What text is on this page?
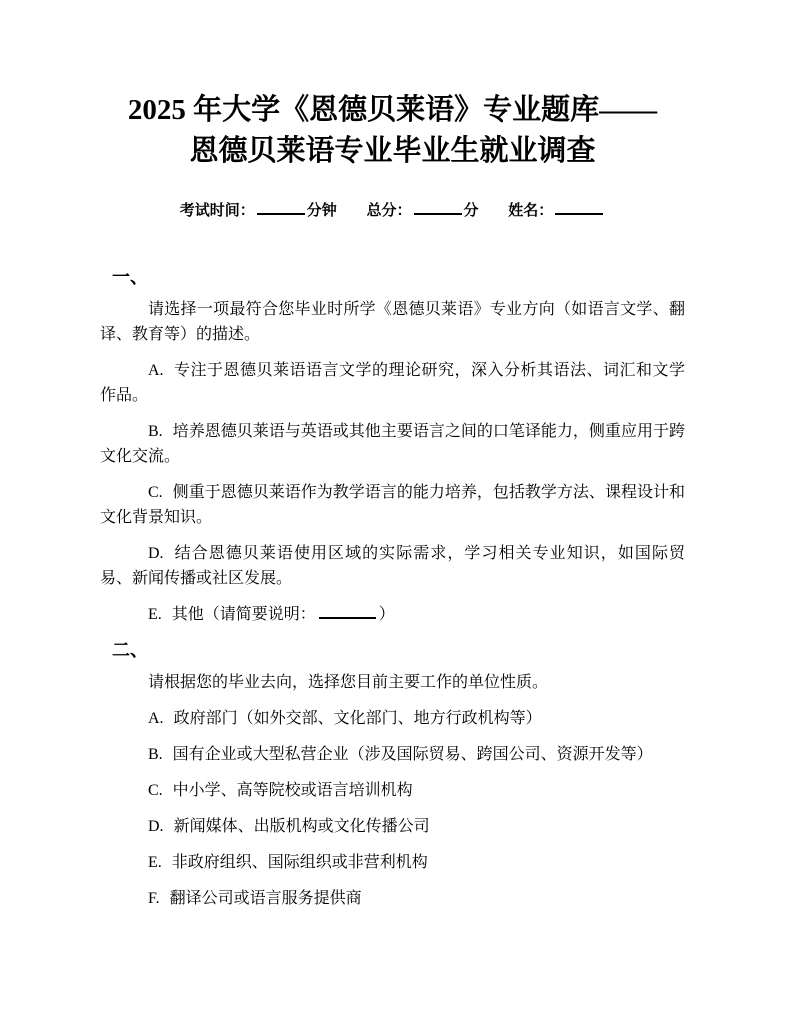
2025 年大学《恩德贝莱语》专业题库——
恩德贝莱语专业毕业生就业调查
考试时间：	分钟 总分：	分 姓名：
一、

请选择一项最符合您毕业时所学《恩德贝莱语》专业方向（如语言文学、翻译、教育等）的描述。

A. 专注于恩德贝莱语语言文学的理论研究，深入分析其语法、词汇和文学作品。

B. 培养恩德贝莱语与英语或其他主要语言之间的口笔译能力，侧重应用于跨文化交流。

C. 侧重于恩德贝莱语作为教学语言的能力培养，包括教学方法、课程设计和文化背景知识。

D. 结合恩德贝莱语使用区域的实际需求，学习相关专业知识，如国际贸易、新闻传播或社区发展。

E. 其他（请简要说明：	）

二、

请根据您的毕业去向，选择您目前主要工作的单位性质。

A. 政府部门（如外交部、文化部门、地方行政机构等）

B. 国有企业或大型私营企业（涉及国际贸易、跨国公司、资源开发等）

C. 中小学、高等院校或语言培训机构

D. 新闻媒体、出版机构或文化传播公司

E. 非政府组织、国际组织或非营利机构

F. 翻译公司或语言服务提供商
